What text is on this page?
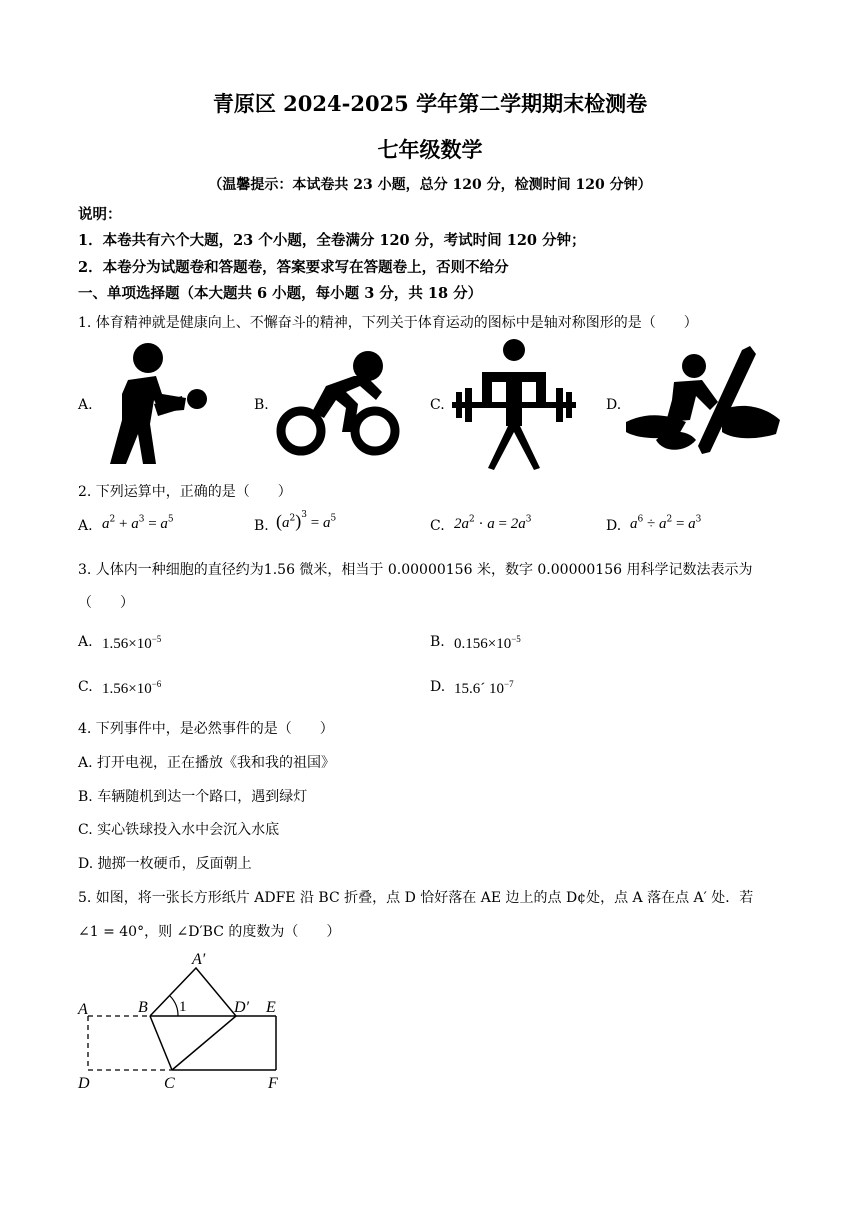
青原区 2024-2025 学年第二学期期末检测卷
七年级数学
（温馨提示：本试卷共 23 小题，总分 120 分，检测时间 120 分钟）
说明：
1．本卷共有六个大题，23 个小题，全卷满分 120 分，考试时间 120 分钟；
2．本卷分为试题卷和答题卷，答案要求写在答题卷上，否则不给分
一、单项选择题（本大题共 6 小题，每小题 3 分，共 18 分）
1. 体育精神就是健康向上、不懈奋斗的精神，下列关于体育运动的图标中是轴对称图形的是（　　）
A.	B.	C.	D.
2. 下列运算中，正确的是（　　）
A. $a^2 + a^3 = a^5$	B. $(a^2)^3 = a^5$	C. $2a^2 \cdot a = 2a^3$	D. $a^6 \div a^2 = a^3$
3. 人体内一种细胞的直径约为1.56 微米，相当于 0.00000156 米，数字 0.00000156 用科学记数法表示为
（　　）
A. $1.56\times 10^{-5}$	B. $0.156\times 10^{-5}$
C. $1.56\times 10^{-6}$	D. 15.6´ $10^{-7}$
4. 下列事件中，是必然事件的是（　　）
A. 打开电视，正在播放《我和我的祖国》
B. 车辆随机到达一个路口，遇到绿灯
C. 实心铁球投入水中会沉入水底
D. 抛掷一枚硬币，反面朝上
5. 如图，将一张长方形纸片 ADFE 沿 BC 折叠，点 D 恰好落在 AE 边上的点 D¢处，点 A 落在点 A′ 处．若
∠1 = 40°，则 ∠D′BC 的度数为（　　）
1
A	B
A′
D′ E
D	C	F
